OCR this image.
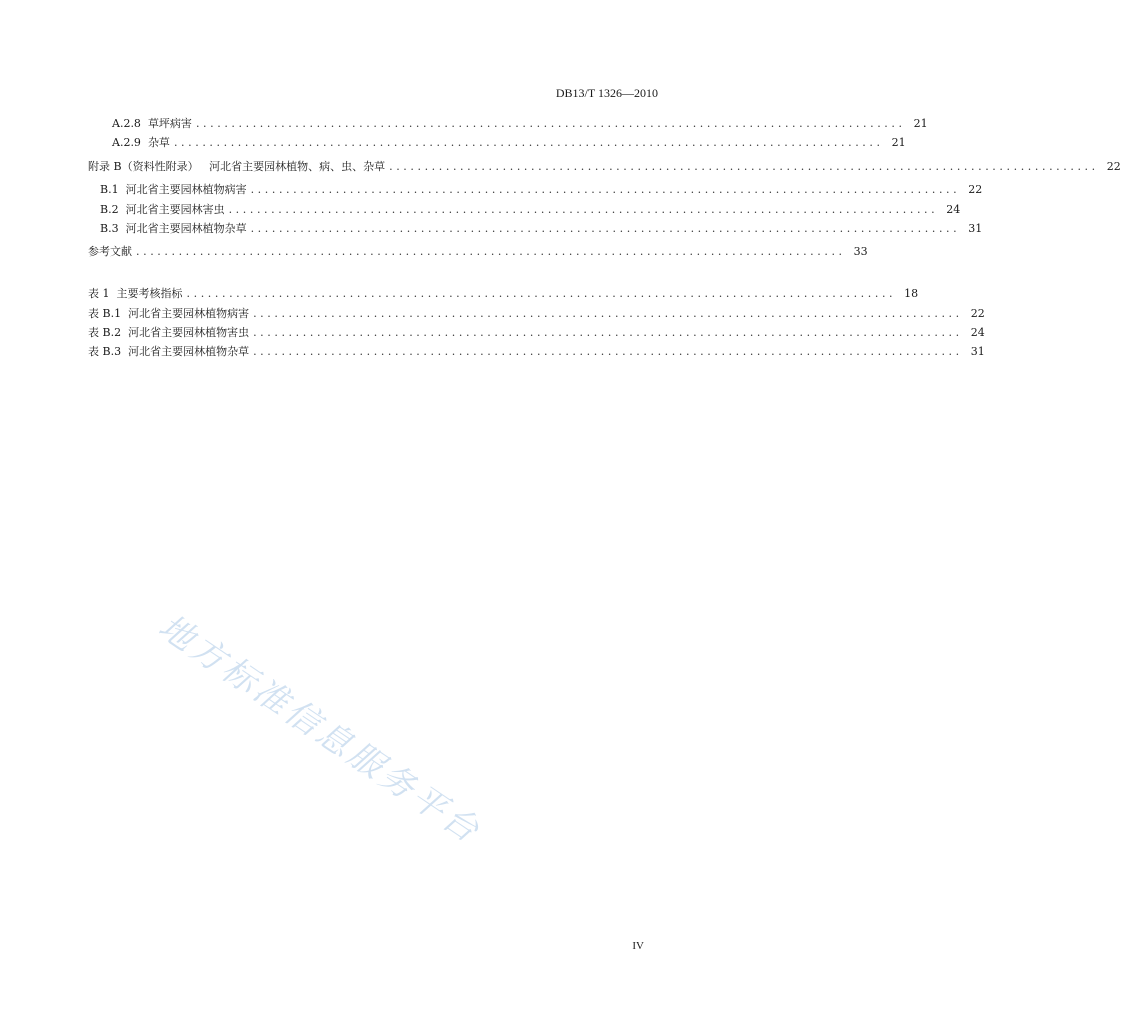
DB13/T 1326—2010
A.2.8 草坪病害 .................................................................................................... 21
A.2.9 杂草 .................................................................................................... 21
附录 B （资料性附录）   河北省主要园林植物、病、虫、杂草 .................................................................................................... 22
B.1 河北省主要园林植物病害 .................................................................................................... 22
B.2 河北省主要园林害虫 .................................................................................................... 24
B.3 河北省主要园林植物杂草 .................................................................................................... 31
参考文献 .................................................................................................... 33
表 1 主要考核指标 .................................................................................................... 18
表 B.1 河北省主要园林植物病害 .................................................................................................... 22
表 B.2 河北省主要园林植物害虫 .................................................................................................... 24
表 B.3 河北省主要园林植物杂草 .................................................................................................... 31
地方标准信息服务平台
IV
